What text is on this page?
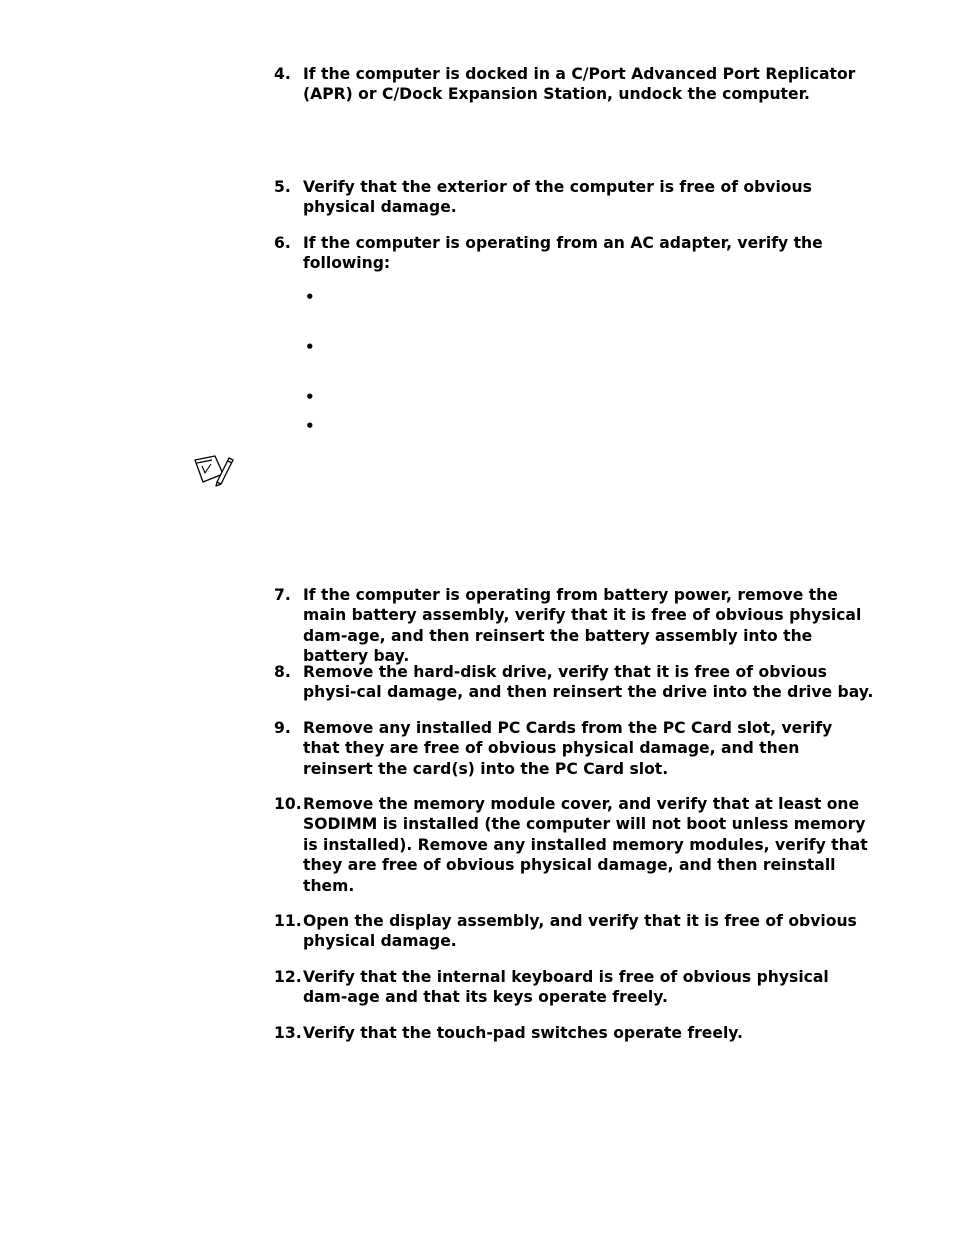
4. If the computer is docked in a C/Port Advanced Port Replicator (APR) or C/Dock Expansion Station, undock the computer.
5. Verify that the exterior of the computer is free of obvious physical damage.
6. If the computer is operating from an AC adapter, verify the following:
•
•
•
•
7. If the computer is operating from battery power, remove the main battery assembly, verify that it is free of obvious physical dam-age, and then reinsert the battery assembly into the battery bay.
8. Remove the hard-disk drive, verify that it is free of obvious physi-cal damage, and then reinsert the drive into the drive bay.
9. Remove any installed PC Cards from the PC Card slot, verify that they are free of obvious physical damage, and then reinsert the card(s) into the PC Card slot.
10. Remove the memory module cover, and verify that at least one SODIMM is installed (the computer will not boot unless memory is installed). Remove any installed memory modules, verify that they are free of obvious physical damage, and then reinstall them.
11. Open the display assembly, and verify that it is free of obvious physical damage.
12. Verify that the internal keyboard is free of obvious physical dam-age and that its keys operate freely.
13. Verify that the touch-pad switches operate freely.
